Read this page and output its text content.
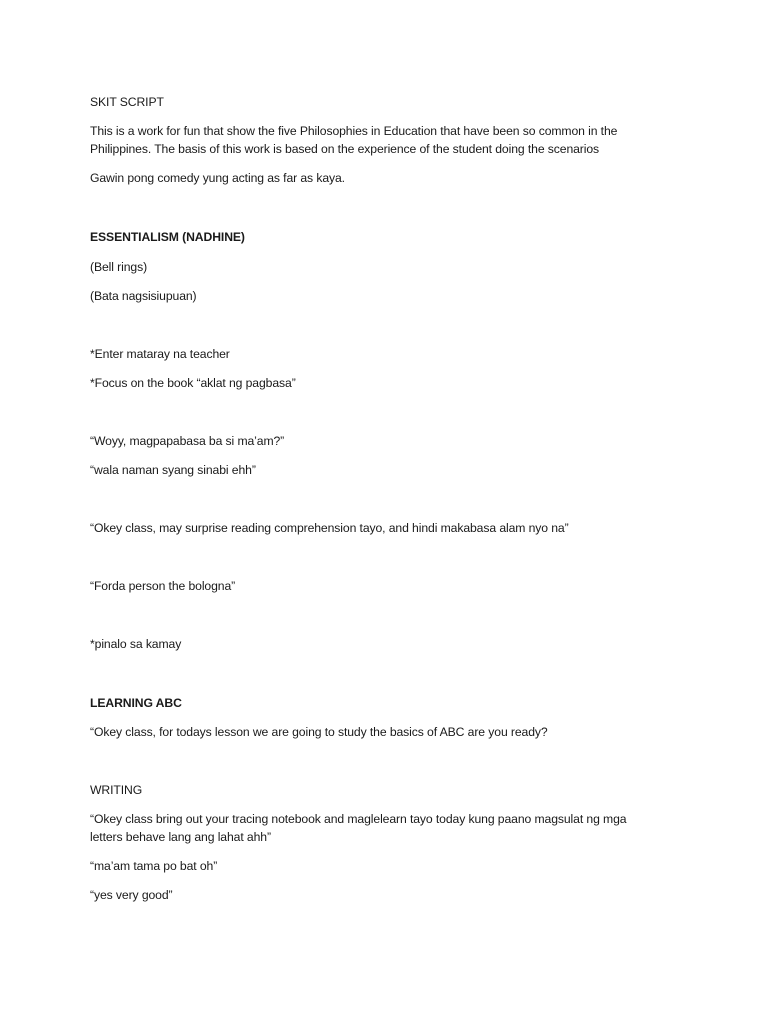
SKIT SCRIPT
This is a work for fun that show the five Philosophies in Education that have been so common in the
Philippines. The basis of this work is based on the experience of the student doing the scenarios
Gawin pong comedy yung acting as far as kaya.
ESSENTIALISM (NADHINE)
(Bell rings)
(Bata nagsisiupuan)
*Enter mataray na teacher
*Focus on the book “aklat ng pagbasa”
“Woyy, magpapabasa ba si ma’am?”
“wala naman syang sinabi ehh”
“Okey class, may surprise reading comprehension tayo, and hindi makabasa alam nyo na”
“Forda person the bologna”
*pinalo sa kamay
LEARNING ABC
“Okey class, for todays lesson we are going to study the basics of ABC are you ready?
WRITING
“Okey class bring out your tracing notebook and maglelearn tayo today kung paano magsulat ng mga
letters behave lang ang lahat ahh”
“ma’am tama po bat oh”
“yes very good”
